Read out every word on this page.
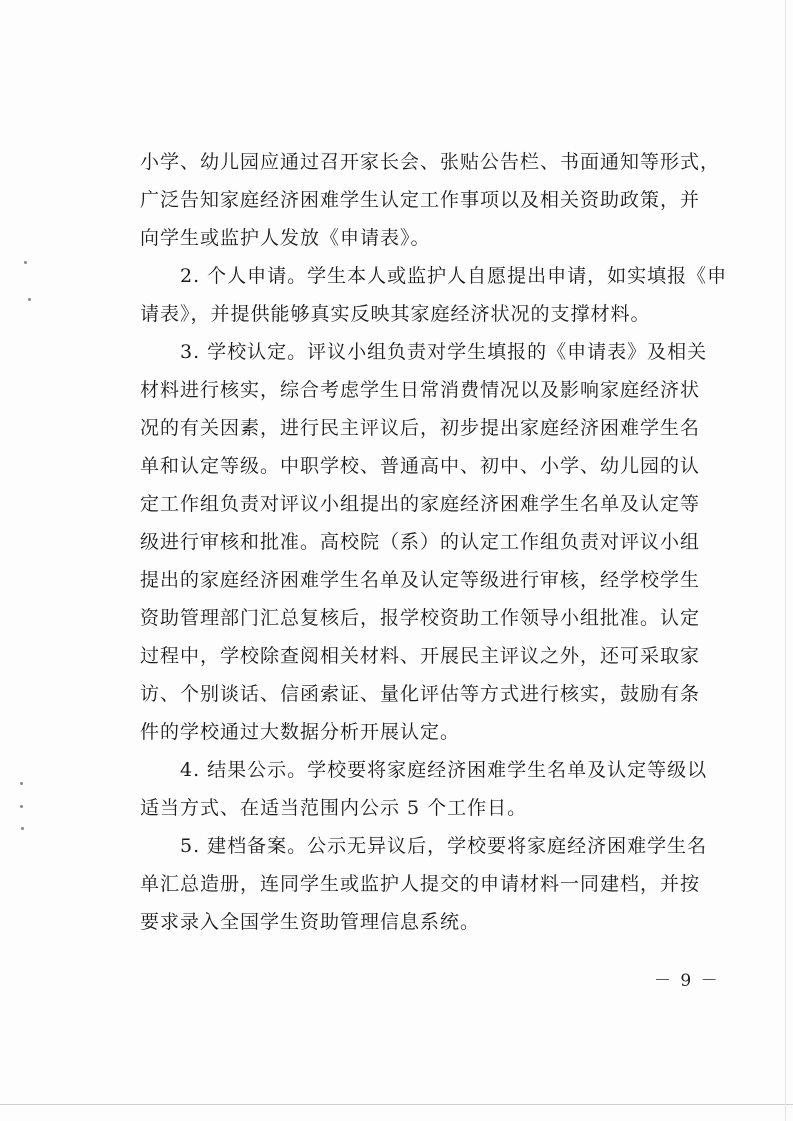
小学、幼儿园应通过召开家长会、张贴公告栏、书面通知等形式，
广泛告知家庭经济困难学生认定工作事项以及相关资助政策，并
向学生或监护人发放《申请表》。
　　2. 个人申请。学生本人或监护人自愿提出申请，如实填报《申
请表》，并提供能够真实反映其家庭经济状况的支撑材料。
　　3. 学校认定。评议小组负责对学生填报的《申请表》及相关
材料进行核实，综合考虑学生日常消费情况以及影响家庭经济状
况的有关因素，进行民主评议后，初步提出家庭经济困难学生名
单和认定等级。中职学校、普通高中、初中、小学、幼儿园的认
定工作组负责对评议小组提出的家庭经济困难学生名单及认定等
级进行审核和批准。高校院（系）的认定工作组负责对评议小组
提出的家庭经济困难学生名单及认定等级进行审核，经学校学生
资助管理部门汇总复核后，报学校资助工作领导小组批准。认定
过程中，学校除查阅相关材料、开展民主评议之外，还可采取家
访、个别谈话、信函索证、量化评估等方式进行核实，鼓励有条
件的学校通过大数据分析开展认定。
　　4. 结果公示。学校要将家庭经济困难学生名单及认定等级以
适当方式、在适当范围内公示 5 个工作日。
　　5. 建档备案。公示无异议后，学校要将家庭经济困难学生名
单汇总造册，连同学生或监护人提交的申请材料一同建档，并按
要求录入全国学生资助管理信息系统。
－ 9 －
